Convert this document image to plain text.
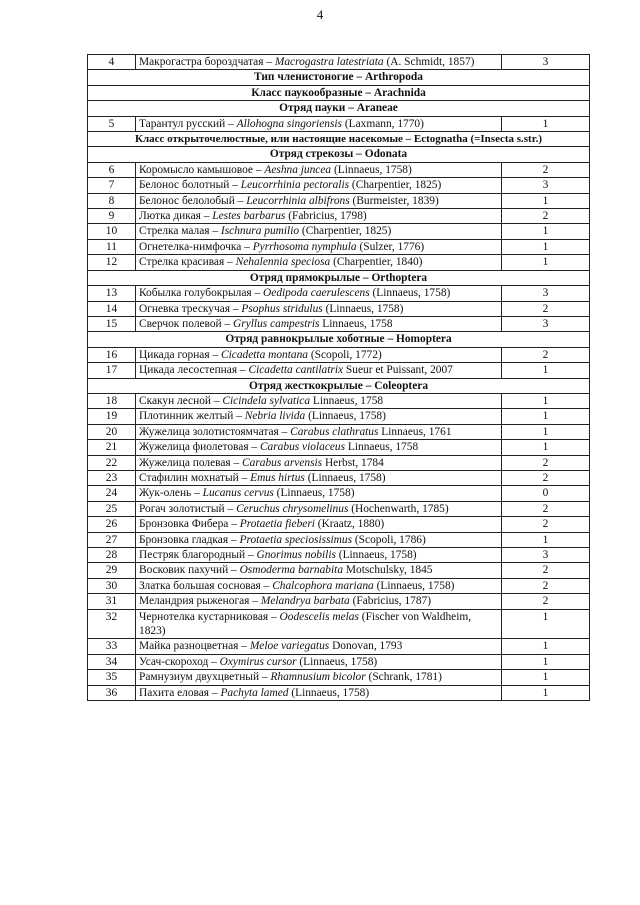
4
4	Макрогастра бороздчатая – Macrogastra latestriata (A. Schmidt, 1857)	3
Тип членистоногие – Arthropoda		
Класс паукообразные – Arachnida		
Отряд пауки – Araneae		
5	Тарантул русский – Allohogna singoriensis (Laxmann, 1770)	1
Класс открыточелюстные, или настоящие насекомые – Ectognatha (=Insecta s.str.)		
Отряд стрекозы – Odonata		
6	Коромысло камышовое – Aeshna juncea (Linnaeus, 1758)	2
7	Белонос болотный – Leucorrhinia pectoralis (Charpentier, 1825)	3
8	Белонос белолобый – Leucorrhinia albifrons (Burmeister, 1839)	1
9	Лютка дикая – Lestes barbarus (Fabricius, 1798)	2
10	Стрелка малая – Ischnura pumilio (Charpentier, 1825)	1
11	Огнетелка-нимфочка – Pyrrhosoma nymphula (Sulzer, 1776)	1
12	Стрелка красивая – Nehalennia speciosa (Charpentier, 1840)	1
Отряд прямокрылые – Orthoptera		
13	Кобылка голубокрылая – Oedipoda caerulescens (Linnaeus, 1758)	3
14	Огневка трескучая – Psophus stridulus (Linnaeus, 1758)	2
15	Сверчок полевой – Gryllus campestris Linnaeus, 1758	3
Отряд равнокрылые хоботные – Homoptera		
16	Цикада горная – Cicadetta montana (Scopoli, 1772)	2
17	Цикада лесостепная – Cicadetta cantilatrix Sueur et Puissant, 2007	1
Отряд жесткокрылые – Coleoptera		
18	Скакун лесной – Cicindela sylvatica Linnaeus, 1758	1
19	Плотинник желтый – Nebria livida (Linnaeus, 1758)	1
20	Жужелица золотистоямчатая – Carabus clathratus Linnaeus, 1761	1
21	Жужелица фиолетовая – Carabus violaceus Linnaeus, 1758	1
22	Жужелица полевая – Carabus arvensis Herbst, 1784	2
23	Стафилин мохнатый – Emus hirtus (Linnaeus, 1758)	2
24	Жук-олень – Lucanus cervus (Linnaeus, 1758)	0
25	Рогач золотистый – Ceruchus chrysomelinus (Hochenwarth, 1785)	2
26	Бронзовка Фибера – Protaetia fieberi (Kraatz, 1880)	2
27	Бронзовка гладкая – Protaetia speciosissimus (Scopoli, 1786)	1
28	Пестряк благородный – Gnorimus nobilis (Linnaeus, 1758)	3
29	Восковик пахучий – Osmoderma barnabita Motschulsky, 1845	2
30	Златка большая сосновая – Chalcophora mariana (Linnaeus, 1758)	2
31	Меландрия рыженогая – Melandrya barbata (Fabricius, 1787)	2
32	Чернотелка кустарниковая – Oodescelis melas (Fischer von Waldheim, 1823)	1
33	Майка разноцветная – Meloe variegatus Donovan, 1793	1
34	Усач-скороход – Oxymirus cursor (Linnaeus, 1758)	1
35	Рамнузиум двухцветный – Rhamnusium bicolor (Schrank, 1781)	1
36	Пахита еловая – Pachyta lamed (Linnaeus, 1758)	1
